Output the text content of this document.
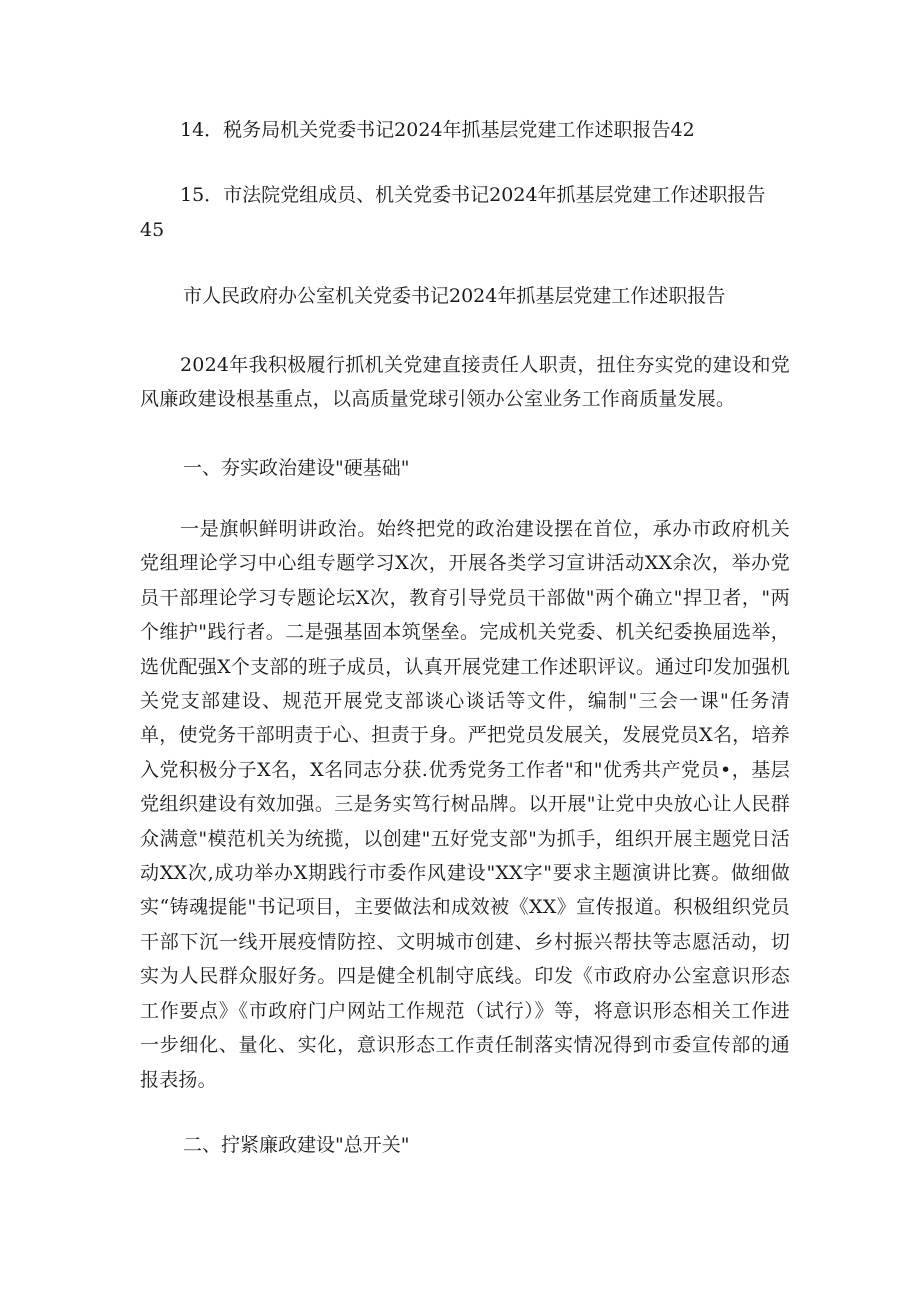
14．税务局机关党委书记2024年抓基层党建工作述职报告42
15．市法院党组成员、机关党委书记2024年抓基层党建工作述职报告
45
市人民政府办公室机关党委书记2024年抓基层党建工作述职报告
2024年我积极履行抓机关党建直接责任人职责，扭住夯实党的建设和党风廉政建设根基重点，以高质量党球引领办公室业务工作商质量发展。
一、夯实政治建设"硬基础"
一是旗帜鲜明讲政治。始终把党的政治建设摆在首位，承办市政府机关党组理论学习中心组专题学习X次，开展各类学习宣讲活动XX余次，举办党员干部理论学习专题论坛X次，教育引导党员干部做"两个确立"捍卫者，"两个维护"践行者。二是强基固本筑堡垒。完成机关党委、机关纪委换届选举，选优配强X个支部的班子成员，认真开展党建工作述职评议。通过印发加强机关党支部建设、规范开展党支部谈心谈话等文件，编制"三会一课"任务清单，使党务干部明责于心、担责于身。严把党员发展关，发展党员X名，培养入党积极分子X名，X名同志分获.优秀党务工作者"和"优秀共产党员•，基层党组织建设有效加强。三是务实笃行树品牌。以开展"让党中央放心让人民群众满意"模范机关为统揽，以创建"五好党支部"为抓手，组织开展主题党日活动XX次,成功举办X期践行市委作风建设"XX字"要求主题演讲比赛。做细做实“铸魂提能"书记项目，主要做法和成效被《XX》宣传报道。积极组织党员干部下沉一线开展疫情防控、文明城市创建、乡村振兴帮扶等志愿活动，切实为人民群众服好务。四是健全机制守底线。印发《市政府办公室意识形态工作要点》《市政府门户网站工作规范（试行）》等，将意识形态相关工作进一步细化、量化、实化，意识形态工作责任制落实情况得到市委宣传部的通报表扬。
二、拧紧廉政建设"总开关"
